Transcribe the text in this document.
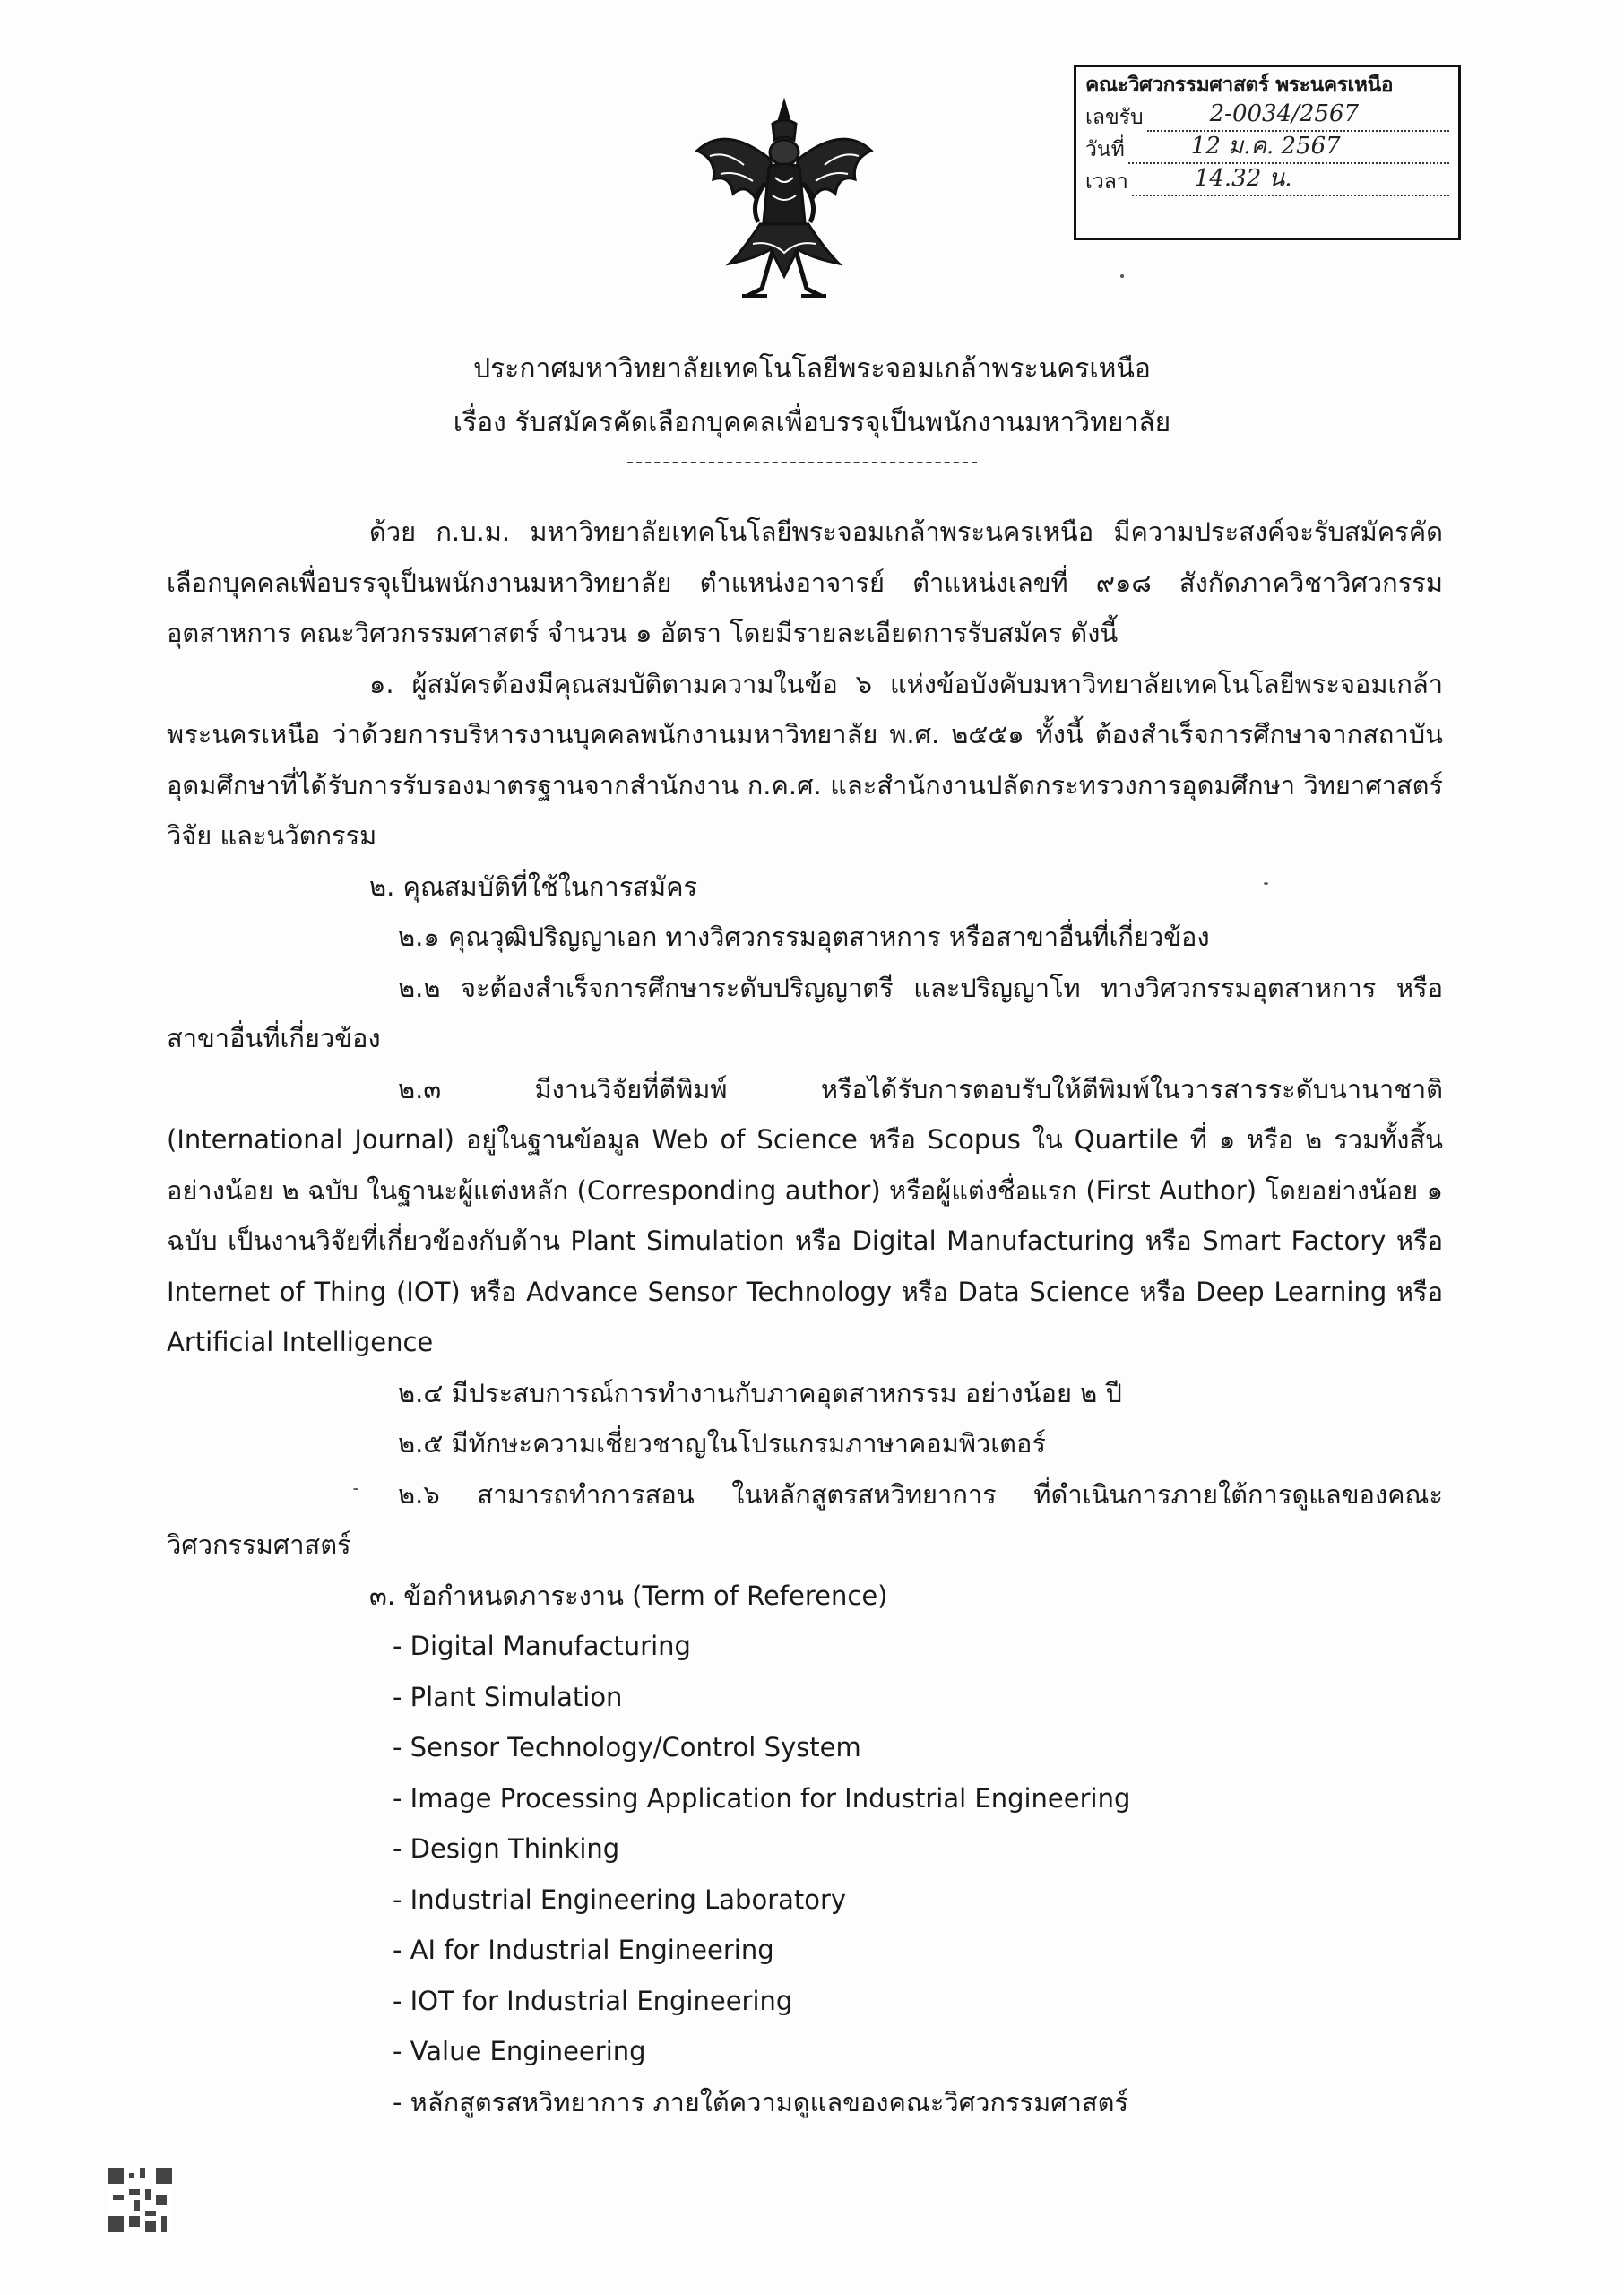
คณะวิศวกรรมศาสตร์ พระนครเหนือ
เลขรับ	2-0034/2567
วันที่	12 ม.ค. 2567
เวลา	14.32 น.
ประกาศมหาวิทยาลัยเทคโนโลยีพระจอมเกล้าพระนครเหนือ
เรื่อง รับสมัครคัดเลือกบุคคลเพื่อบรรจุเป็นพนักงานมหาวิทยาลัย

ด้วย ก.บ.ม. มหาวิทยาลัยเทคโนโลยีพระจอมเกล้าพระนครเหนือ มีความประสงค์จะรับสมัครคัดเลือกบุคคลเพื่อบรรจุเป็นพนักงานมหาวิทยาลัย ตำแหน่งอาจารย์ ตำแหน่งเลขที่ ๙๑๘ สังกัดภาควิชาวิศวกรรมอุตสาหการ คณะวิศวกรรมศาสตร์ จำนวน ๑ อัตรา โดยมีรายละเอียดการรับสมัคร ดังนี้

๑. ผู้สมัครต้องมีคุณสมบัติตามความในข้อ ๖ แห่งข้อบังคับมหาวิทยาลัยเทคโนโลยีพระจอมเกล้าพระนครเหนือ ว่าด้วยการบริหารงานบุคคลพนักงานมหาวิทยาลัย พ.ศ. ๒๕๕๑ ทั้งนี้ ต้องสำเร็จการศึกษาจากสถาบันอุดมศึกษาที่ได้รับการรับรองมาตรฐานจากสำนักงาน ก.ค.ศ. และสำนักงานปลัดกระทรวงการอุดมศึกษา วิทยาศาสตร์ วิจัย และนวัตกรรม

๒. คุณสมบัติที่ใช้ในการสมัคร

๒.๑ คุณวุฒิปริญญาเอก ทางวิศวกรรมอุตสาหการ หรือสาขาอื่นที่เกี่ยวข้อง

๒.๒ จะต้องสำเร็จการศึกษาระดับปริญญาตรี และปริญญาโท ทางวิศวกรรมอุตสาหการ หรือสาขาอื่นที่เกี่ยวข้อง

๒.๓ มีงานวิจัยที่ตีพิมพ์ หรือได้รับการตอบรับให้ตีพิมพ์ในวารสารระดับนานาชาติ (International Journal) อยู่ในฐานข้อมูล Web of Science หรือ Scopus ใน Quartile ที่ ๑ หรือ ๒ รวมทั้งสิ้นอย่างน้อย ๒ ฉบับ ในฐานะผู้แต่งหลัก (Corresponding author) หรือผู้แต่งชื่อแรก (First Author) โดยอย่างน้อย ๑ ฉบับ เป็นงานวิจัยที่เกี่ยวข้องกับด้าน Plant Simulation หรือ Digital Manufacturing หรือ Smart Factory หรือ Internet of Thing (IOT) หรือ Advance Sensor Technology หรือ Data Science หรือ Deep Learning หรือ Artificial Intelligence

๒.๔ มีประสบการณ์การทำงานกับภาคอุตสาหกรรม อย่างน้อย ๒ ปี

๒.๕ มีทักษะความเชี่ยวชาญในโปรแกรมภาษาคอมพิวเตอร์

๒.๖ สามารถทำการสอน ในหลักสูตรสหวิทยาการ ที่ดำเนินการภายใต้การดูแลของคณะวิศวกรรมศาสตร์

๓. ข้อกำหนดภาระงาน (Term of Reference)

- Digital Manufacturing

- Plant Simulation

- Sensor Technology/Control System

- Image Processing Application for Industrial Engineering

- Design Thinking

- Industrial Engineering Laboratory

- AI for Industrial Engineering

- IOT for Industrial Engineering

- Value Engineering

- หลักสูตรสหวิทยาการ ภายใต้ความดูแลของคณะวิศวกรรมศาสตร์
